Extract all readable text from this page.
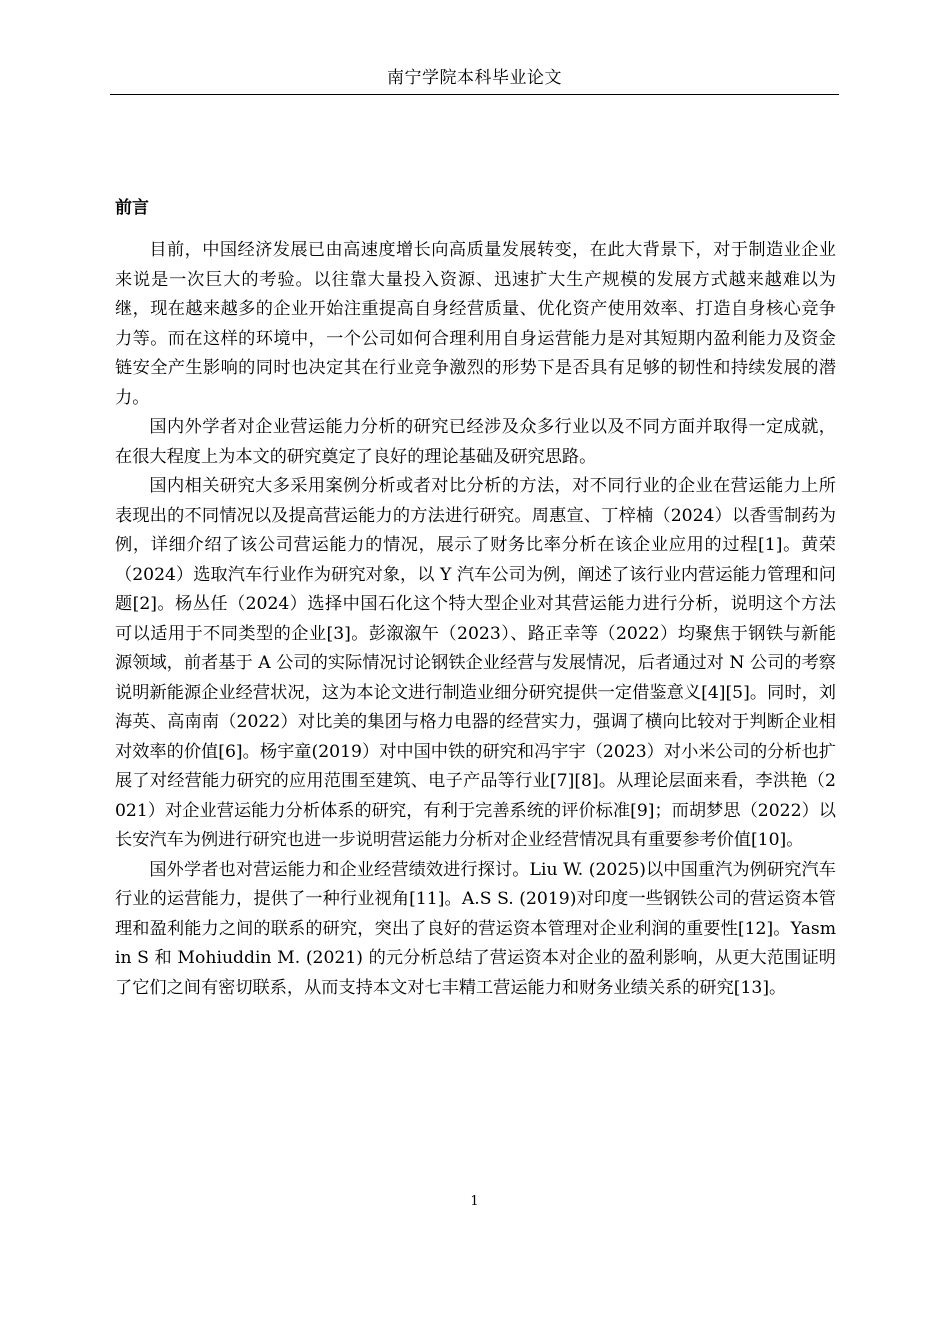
南宁学院本科毕业论文
前言

目前，中国经济发展已由高速度增长向高质量发展转变，在此大背景下，对于制造业企业来说是一次巨大的考验。以往靠大量投入资源、迅速扩大生产规模的发展方式越来越难以为继，现在越来越多的企业开始注重提高自身经营质量、优化资产使用效率、打造自身核心竞争力等。而在这样的环境中，一个公司如何合理利用自身运营能力是对其短期内盈利能力及资金链安全产生影响的同时也决定其在行业竞争激烈的形势下是否具有足够的韧性和持续发展的潜力。

国内外学者对企业营运能力分析的研究已经涉及众多行业以及不同方面并取得一定成就，在很大程度上为本文的研究奠定了良好的理论基础及研究思路。

国内相关研究大多采用案例分析或者对比分析的方法，对不同行业的企业在营运能力上所表现出的不同情况以及提高营运能力的方法进行研究。周惠宣、丁梓楠（2024）以香雪制药为例，详细介绍了该公司营运能力的情况，展示了财务比率分析在该企业应用的过程[1]。黄荣（2024）选取汽车行业作为研究对象，以 Y 汽车公司为例，阐述了该行业内营运能力管理和问题[2]。杨丛任（2024）选择中国石化这个特大型企业对其营运能力进行分析，说明这个方法可以适用于不同类型的企业[3]。彭溆溆午（2023）、路正幸等（2022）均聚焦于钢铁与新能源领域，前者基于 A 公司的实际情况讨论钢铁企业经营与发展情况，后者通过对 N 公司的考察说明新能源企业经营状况，这为本论文进行制造业细分研究提供一定借鉴意义[4][5]。同时，刘海英、高南南（2022）对比美的集团与格力电器的经营实力，强调了横向比较对于判断企业相对效率的价值[6]。杨宇童(2019）对中国中铁的研究和冯宇宇（2023）对小米公司的分析也扩展了对经营能力研究的应用范围至建筑、电子产品等行业[7][8]。从理论层面来看，李洪艳（2021）对企业营运能力分析体系的研究，有利于完善系统的评价标准[9]；而胡梦思（2022）以长安汽车为例进行研究也进一步说明营运能力分析对企业经营情况具有重要参考价值[10]。

国外学者也对营运能力和企业经营绩效进行探讨。Liu W. (2025)以中国重汽为例研究汽车行业的运营能力，提供了一种行业视角[11]。A.S S. (2019)对印度一些钢铁公司的营运资本管理和盈利能力之间的联系的研究，突出了良好的营运资本管理对企业利润的重要性[12]。Yasmin S 和 Mohiuddin M. (2021) 的元分析总结了营运资本对企业的盈利影响，从更大范围证明了它们之间有密切联系，从而支持本文对七丰精工营运能力和财务业绩关系的研究[13]。

1
